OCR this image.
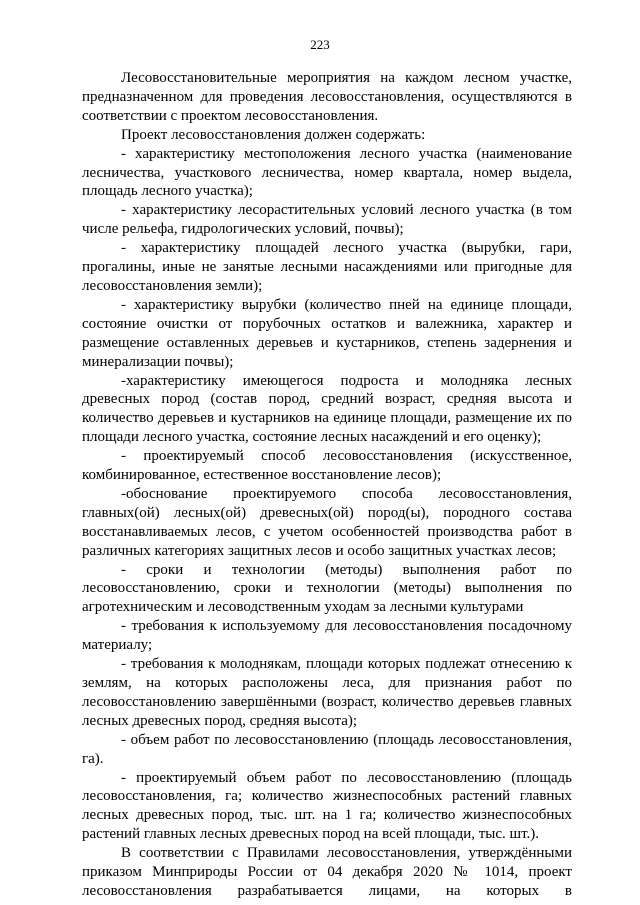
223

Лесовосстановительные мероприятия на каждом лесном участке, предназначенном для проведения лесовосстановления, осуществляются в соответствии с проектом лесовосстановления.

Проект лесовосстановления должен содержать:

- характеристику местоположения лесного участка (наименование лесничества, участкового лесничества, номер квартала, номер выдела, площадь лесного участка);

- характеристику лесорастительных условий лесного участка (в том числе рельефа, гидрологических условий, почвы);

- характеристику площадей лесного участка (вырубки, гари, прогалины, иные не занятые лесными насаждениями или пригодные для лесовосстановления земли);

- характеристику вырубки (количество пней на единице площади, состояние очистки от порубочных остатков и валежника, характер и размещение оставленных деревьев и кустарников, степень задернения и минерализации почвы);

-характеристику имеющегося подроста и молодняка лесных древесных пород (состав пород, средний возраст, средняя высота и количество деревьев и кустарников на единице площади, размещение их по площади лесного участка, состояние лесных насаждений и его оценку);

- проектируемый способ лесовосстановления (искусственное, комбинированное, естественное восстановление лесов);

-обоснование проектируемого способа лесовосстановления, главных(ой) лесных(ой) древесных(ой) пород(ы), породного состава восстанавливаемых лесов, с учетом особенностей производства работ в различных категориях защитных лесов и особо защитных участках лесов;

- сроки и технологии (методы) выполнения работ по лесовосстановлению, сроки и технологии (методы) выполнения по агротехническим и лесоводственным уходам за лесными культурами

- требования к используемому для лесовосстановления посадочному материалу;

- требования к молоднякам, площади которых подлежат отнесению к землям, на которых расположены леса, для признания работ по лесовосстановлению завершёнными (возраст, количество деревьев главных лесных древесных пород, средняя высота);

- объем работ по лесовосстановлению (площадь лесовосстановления, га).

- проектируемый объем работ по лесовосстановлению (площадь лесовосстановления, га; количество жизнеспособных растений главных лесных древесных пород, тыс. шт. на 1 га; количество жизнеспособных растений главных лесных древесных пород на всей площади, тыс. шт.).

В соответствии с Правилами лесовосстановления, утверждёнными приказом Минприроды России от 04 декабря 2020 № 1014, проект лесовосстановления разрабатывается лицами, на которых в
